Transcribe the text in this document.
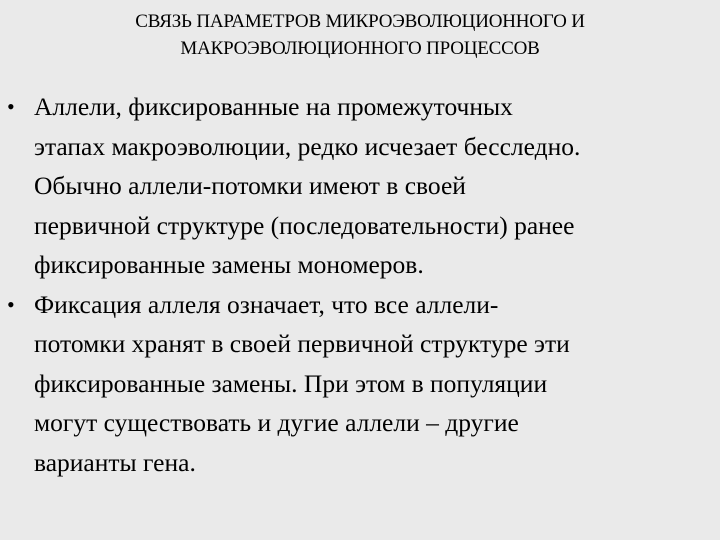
СВЯЗЬ ПАРАМЕТРОВ МИКРОЭВОЛЮЦИОННОГО И
МАКРОЭВОЛЮЦИОННОГО ПРОЦЕССОВ
• Аллели, фиксированные на промежуточных
этапах макроэволюции, редко исчезает бесследно.
Обычно аллели-потомки имеют в своей
первичной структуре (последовательности) ранее
фиксированные замены мономеров.
• Фиксация аллеля означает, что все аллели-
потомки хранят в своей первичной структуре эти
фиксированные замены. При этом в популяции
могут существовать и дугие аллели – другие
варианты гена.
